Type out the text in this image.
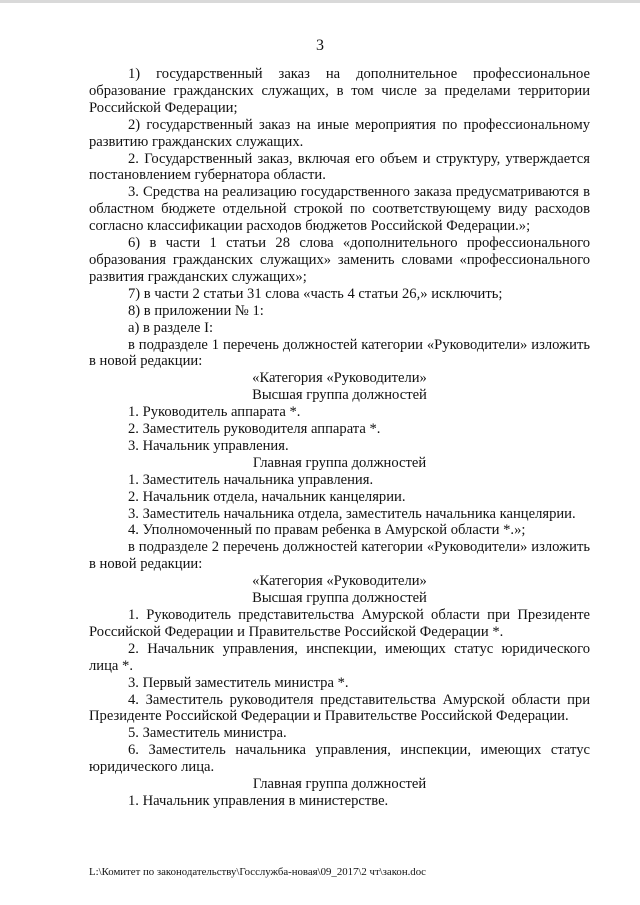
3

1) государственный заказ на дополнительное профессиональное образование гражданских служащих, в том числе за пределами территории Российской Федерации;

2) государственный заказ на иные мероприятия по профессиональному развитию гражданских служащих.

2. Государственный заказ, включая его объем и структуру, утверждается постановлением губернатора области.

3. Средства на реализацию государственного заказа предусматриваются в областном бюджете отдельной строкой по соответствующему виду расходов согласно классификации расходов бюджетов Российской Федерации.»;

6) в части 1 статьи 28 слова «дополнительного профессионального образования гражданских служащих» заменить словами «профессионального развития гражданских служащих»;

7) в части 2 статьи 31 слова «часть 4 статьи 26,» исключить;

8) в приложении № 1:

а) в разделе I:

в подразделе 1 перечень должностей категории «Руководители» изложить в новой редакции:

«Категория «Руководители»

Высшая группа должностей

1. Руководитель аппарата *.

2. Заместитель руководителя аппарата *.

3. Начальник управления.

Главная группа должностей

1. Заместитель начальника управления.

2. Начальник отдела, начальник канцелярии.

3. Заместитель начальника отдела, заместитель начальника канцелярии.

4. Уполномоченный по правам ребенка в Амурской области *.»;

в подразделе 2 перечень должностей категории «Руководители» изложить в новой редакции:

«Категория «Руководители»

Высшая группа должностей

1. Руководитель представительства Амурской области при Президенте Российской Федерации и Правительстве Российской Федерации *.

2. Начальник управления, инспекции, имеющих статус юридического лица *.

3. Первый заместитель министра *.

4. Заместитель руководителя представительства Амурской области при Президенте Российской Федерации и Правительстве Российской Федерации.

5. Заместитель министра.

6. Заместитель начальника управления, инспекции, имеющих статус юридического лица.

Главная группа должностей

1. Начальник управления в министерстве.

L:\Комитет по законодательству\Госслужба-новая\09_2017\2 чт\закон.doc
